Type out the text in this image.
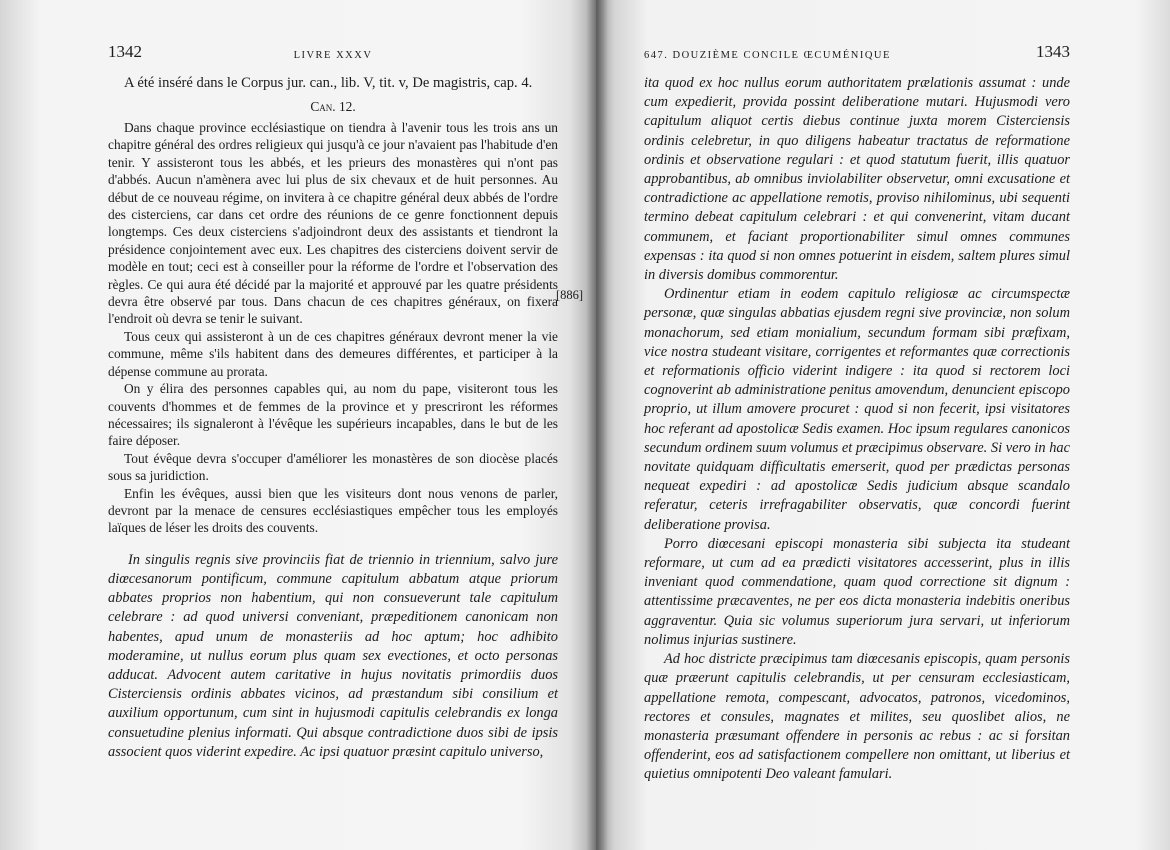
1342	LIVRE XXXV

A été inséré dans le Corpus jur. can., lib. V, tit. v, De magistris, cap. 4.

Can. 12.

Dans chaque province ecclésiastique on tiendra à l'avenir tous les trois ans un chapitre général des ordres religieux qui jusqu'à ce jour n'avaient pas l'habitude d'en tenir. Y assisteront tous les abbés, et les prieurs des monastères qui n'ont pas d'abbés. Aucun n'amènera avec lui plus de six chevaux et de huit personnes. Au début de ce nouveau régime, on invitera à ce chapitre général deux abbés de l'ordre des cisterciens, car dans cet ordre des réunions de ce genre fonctionnent depuis longtemps. Ces deux cisterciens s'adjoindront deux des assistants et tiendront la présidence conjointement avec eux. Les chapitres des cisterciens doivent servir de modèle en tout; ceci est à conseiller pour la réforme de l'ordre et l'observation des règles. Ce qui aura été décidé par la majorité et approuvé par les quatre présidents devra être observé par tous. Dans chacun de ces chapitres généraux, on fixera l'endroit où devra se tenir le suivant.

Tous ceux qui assisteront à un de ces chapitres généraux devront mener la vie commune, même s'ils habitent dans des demeures différentes, et participer à la dépense commune au prorata.

On y élira des personnes capables qui, au nom du pape, visiteront tous les couvents d'hommes et de femmes de la province et y prescriront les réformes nécessaires; ils signaleront à l'évêque les supérieurs incapables, dans le but de les faire déposer.

Tout évêque devra s'occuper d'améliorer les monastères de son diocèse placés sous sa juridiction.

Enfin les évêques, aussi bien que les visiteurs dont nous venons de parler, devront par la menace de censures ecclésiastiques empêcher tous les employés laïques de léser les droits des couvents.

In singulis regnis sive provinciis fiat de triennio in triennium, salvo jure diœcesanorum pontificum, commune capitulum abbatum atque priorum abbates proprios non habentium, qui non consueverunt tale capitulum celebrare : ad quod universi conveniant, præpeditionem canonicam non habentes, apud unum de monasteriis ad hoc aptum; hoc adhibito moderamine, ut nullus eorum plus quam sex evectiones, et octo personas adducat. Advocent autem caritative in hujus novitatis primordiis duos Cisterciensis ordinis abbates vicinos, ad præstandum sibi consilium et auxilium opportunum, cum sint in hujusmodi capitulis celebrandis ex longa consuetudine plenius informati. Qui absque contradictione duos sibi de ipsis associent quos viderint expedire. Ac ipsi quatuor præsint capitulo universo,

647. DOUZIÈME CONCILE ŒCUMÉNIQUE	1343

ita quod ex hoc nullus eorum authoritatem prælationis assumat : unde cum expedierit, provida possint deliberatione mutari. Hujusmodi vero capitulum aliquot certis diebus continue juxta morem Cisterciensis ordinis celebretur, in quo diligens habeatur tractatus de reformatione ordinis et observatione regulari : et quod statutum fuerit, illis quatuor approbantibus, ab omnibus inviolabiliter observetur, omni excusatione et contradictione ac appellatione remotis, proviso nihilominus, ubi sequenti termino debeat capitulum celebrari : et qui convenerint, vitam ducant communem, et faciant proportionabiliter simul omnes communes expensas : ita quod si non omnes potuerint in eisdem, saltem plures simul in diversis domibus commorentur.

Ordinentur etiam in eodem capitulo religiosæ ac circumspectæ personæ, quæ singulas abbatias ejusdem regni sive provinciæ, non solum monachorum, sed etiam monialium, secundum formam sibi præfixam, vice nostra studeant visitare, corrigentes et reformantes quæ correctionis et reformationis officio viderint indigere : ita quod si rectorem loci cognoverint ab administratione penitus amovendum, denuncient episcopo proprio, ut illum amovere procuret : quod si non fecerit, ipsi visitatores hoc referant ad apostolicæ Sedis examen. Hoc ipsum regulares canonicos secundum ordinem suum volumus et præcipimus observare. Si vero in hac novitate quidquam difficultatis emerserit, quod per prædictas personas nequeat expediri : ad apostolicæ Sedis judicium absque scandalo referatur, ceteris irrefragabiliter observatis, quæ concordi fuerint deliberatione provisa.

Porro diœcesani episcopi monasteria sibi subjecta ita studeant reformare, ut cum ad ea prædicti visitatores accesserint, plus in illis inveniant quod commendatione, quam quod correctione sit dignum : attentissime præcaventes, ne per eos dicta monasteria indebitis oneribus aggraventur. Quia sic volumus superiorum jura servari, ut inferiorum nolimus injurias sustinere.

Ad hoc districte præcipimus tam diœcesanis episcopis, quam personis quæ præerunt capitulis celebrandis, ut per censuram ecclesiasticam, appellatione remota, compescant, advocatos, patronos, vicedominos, rectores et consules, magnates et milites, seu quoslibet alios, ne monasteria præsumant offendere in personis ac rebus : ac si forsitan offenderint, eos ad satisfactionem compellere non omittant, ut liberius et quietius omnipotenti Deo valeant famulari.

[886]
